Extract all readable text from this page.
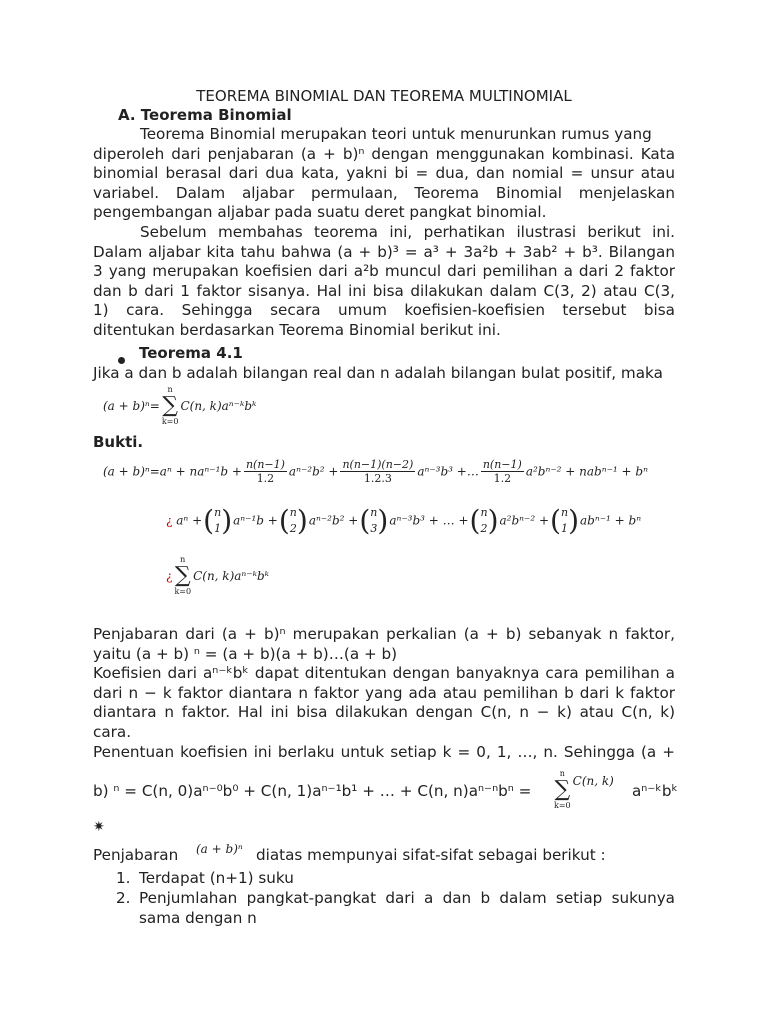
TEOREMA BINOMIAL DAN TEOREMA MULTINOMIAL
A. Teorema Binomial
Teorema Binomial merupakan teori untuk menurunkan rumus yang
diperoleh dari penjabaran (a + b)ⁿ dengan menggunakan kombinasi. Kata
binomial berasal dari dua kata, yakni bi = dua, dan nomial = unsur atau
variabel. Dalam aljabar permulaan, Teorema Binomial menjelaskan
pengembangan aljabar pada suatu deret pangkat binomial.
Sebelum membahas teorema ini, perhatikan ilustrasi berikut ini.
Dalam aljabar kita tahu bahwa (a + b)³ = a³ + 3a²b + 3ab² + b³. Bilangan
3 yang merupakan koefisien dari a²b muncul dari pemilihan a dari 2 faktor
dan b dari 1 faktor sisanya. Hal ini bisa dilakukan dalam C(3, 2) atau C(3,
1) cara. Sehingga secara umum koefisien-koefisien tersebut bisa
ditentukan berdasarkan Teorema Binomial berikut ini.
Teorema 4.1
Jika a dan b adalah bilangan real dan n adalah bilangan bulat positif, maka
(a + b)ⁿ=
n
∑
k=0
C(n, k)aⁿ⁻ᵏbᵏ
Bukti.
$(a + b)^n=a^n + na^{n-1}b + \frac{n(n-1)}{1.2} a^{n-2}b^2 + \frac{n(n-1)(n-2)}{1.2.3} a^{n-3}b^3$ +… $\frac{n(n-1)}{1.2} a^2b^{n-2} + nab^{n-1} + b^n$
¿ aⁿ +( n
1 )aⁿ⁻¹b +( n
2 )aⁿ⁻²b² +( n
3 )aⁿ⁻³b³ + … +( n
2 )a²bⁿ⁻² +( n
1 )abⁿ⁻¹ + bⁿ
¿
n
∑
k=0
C(n, k)aⁿ⁻ᵏbᵏ
Penjabaran dari (a + b)ⁿ merupakan perkalian (a + b) sebanyak n faktor,
yaitu (a + b) ⁿ = (a + b)(a + b)…(a + b)
Koefisien dari aⁿ⁻ᵏbᵏ dapat ditentukan dengan banyaknya cara pemilihan a
dari n − k faktor diantara n faktor yang ada atau pemilihan b dari k faktor
diantara n faktor. Hal ini bisa dilakukan dengan C(n, n − k) atau C(n, k)
cara.
Penentuan koefisien ini berlaku untuk setiap k = 0, 1, …, n. Sehingga (a +
b) ⁿ = C(n, 0)aⁿ⁻⁰b⁰ + C(n, 1)aⁿ⁻¹b¹ + … + C(n, n)aⁿ⁻ⁿbⁿ =
n
∑
k=0
C(n, k)
aⁿ⁻ᵏbᵏ
✷
Penjabaran (a + b)ⁿ diatas mempunyai sifat-sifat sebagai berikut :
1. Terdapat (n+1) suku
2. Penjumlahan pangkat-pangkat dari a dan b dalam setiap sukunya
sama dengan n
